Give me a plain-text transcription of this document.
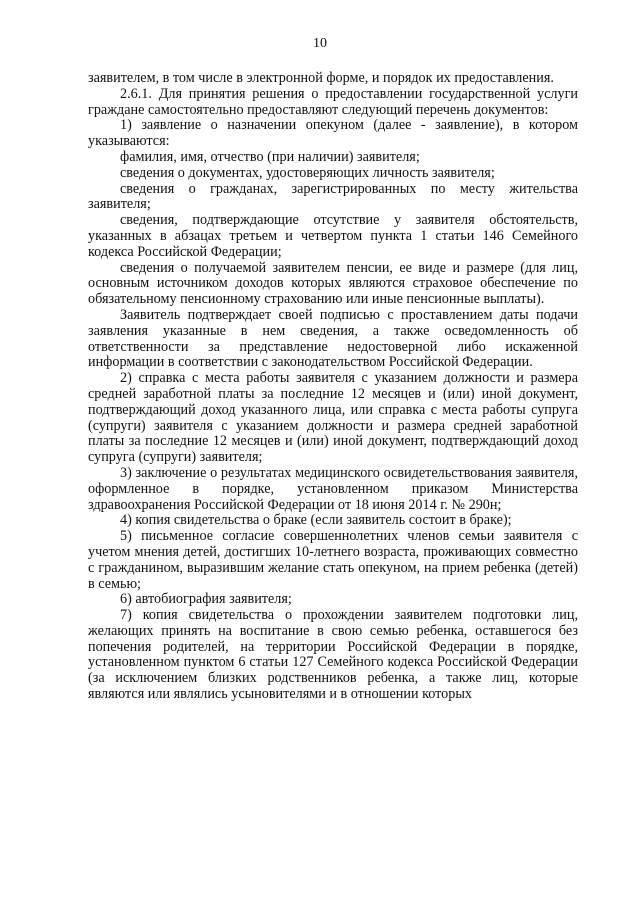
10

заявителем, в том числе в электронной форме, и порядок их предоставления.

2.6.1. Для принятия решения о предоставлении государственной услуги граждане самостоятельно предоставляют следующий перечень документов:

1) заявление о назначении опекуном (далее - заявление), в котором указываются:

фамилия, имя, отчество (при наличии) заявителя;

сведения о документах, удостоверяющих личность заявителя;

сведения о гражданах, зарегистрированных по месту жительства заявителя;

сведения, подтверждающие отсутствие у заявителя обстоятельств, указанных в абзацах третьем и четвертом пункта 1 статьи 146 Семейного кодекса Российской Федерации;

сведения о получаемой заявителем пенсии, ее виде и размере (для лиц, основным источником доходов которых являются страховое обеспечение по обязательному пенсионному страхованию или иные пенсионные выплаты).

Заявитель подтверждает своей подписью с проставлением даты подачи заявления указанные в нем сведения, а также осведомленность об ответственности за представление недостоверной либо искаженной информации в соответствии с законодательством Российской Федерации.

2) справка с места работы заявителя с указанием должности и размера средней заработной платы за последние 12 месяцев и (или) иной документ, подтверждающий доход указанного лица, или справка с места работы супруга (супруги) заявителя с указанием должности и размера средней заработной платы за последние 12 месяцев и (или) иной документ, подтверждающий доход супруга (супруги) заявителя;

3) заключение о результатах медицинского освидетельствования заявителя, оформленное в порядке, установленном приказом Министерства здравоохранения Российской Федерации от 18 июня 2014 г. № 290н;

4) копия свидетельства о браке (если заявитель состоит в браке);

5) письменное согласие совершеннолетних членов семьи заявителя с учетом мнения детей, достигших 10-летнего возраста, проживающих совместно с гражданином, выразившим желание стать опекуном, на прием ребенка (детей) в семью;

6) автобиография заявителя;

7) копия свидетельства о прохождении заявителем подготовки лиц, желающих принять на воспитание в свою семью ребенка, оставшегося без попечения родителей, на территории Российской Федерации в порядке, установленном пунктом 6 статьи 127 Семейного кодекса Российской Федерации (за исключением близких родственников ребенка, а также лиц, которые являются или являлись усыновителями и в отношении которых
